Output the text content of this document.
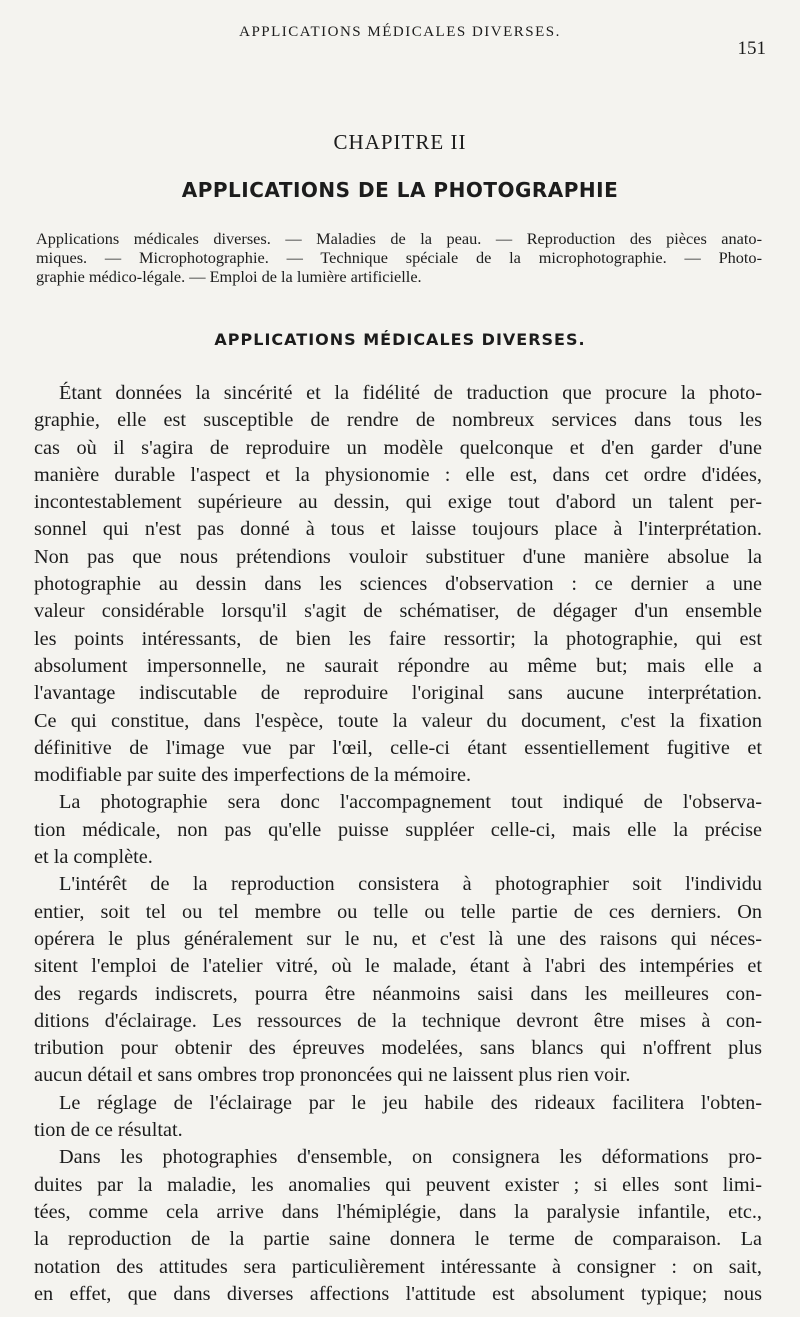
APPLICATIONS MÉDICALES DIVERSES.
151
CHAPITRE II
APPLICATIONS DE LA PHOTOGRAPHIE
Applications médicales diverses. — Maladies de la peau. — Reproduction des pièces anato-
miques. — Microphotographie. — Technique spéciale de la microphotographie. — Photo-
graphie médico-légale. — Emploi de la lumière artificielle.
APPLICATIONS MÉDICALES DIVERSES.
Étant données la sincérité et la fidélité de traduction que procure la photo-
graphie, elle est susceptible de rendre de nombreux services dans tous les
cas où il s'agira de reproduire un modèle quelconque et d'en garder d'une
manière durable l'aspect et la physionomie : elle est, dans cet ordre d'idées,
incontestablement supérieure au dessin, qui exige tout d'abord un talent per-
sonnel qui n'est pas donné à tous et laisse toujours place à l'interprétation.
Non pas que nous prétendions vouloir substituer d'une manière absolue la
photographie au dessin dans les sciences d'observation : ce dernier a une
valeur considérable lorsqu'il s'agit de schématiser, de dégager d'un ensemble
les points intéressants, de bien les faire ressortir; la photographie, qui est
absolument impersonnelle, ne saurait répondre au même but; mais elle a
l'avantage indiscutable de reproduire l'original sans aucune interprétation.
Ce qui constitue, dans l'espèce, toute la valeur du document, c'est la fixation
définitive de l'image vue par l'œil, celle-ci étant essentiellement fugitive et
modifiable par suite des imperfections de la mémoire.
La photographie sera donc l'accompagnement tout indiqué de l'observa-
tion médicale, non pas qu'elle puisse suppléer celle-ci, mais elle la précise
et la complète.
L'intérêt de la reproduction consistera à photographier soit l'individu
entier, soit tel ou tel membre ou telle ou telle partie de ces derniers. On
opérera le plus généralement sur le nu, et c'est là une des raisons qui néces-
sitent l'emploi de l'atelier vitré, où le malade, étant à l'abri des intempéries et
des regards indiscrets, pourra être néanmoins saisi dans les meilleures con-
ditions d'éclairage. Les ressources de la technique devront être mises à con-
tribution pour obtenir des épreuves modelées, sans blancs qui n'offrent plus
aucun détail et sans ombres trop prononcées qui ne laissent plus rien voir.
Le réglage de l'éclairage par le jeu habile des rideaux facilitera l'obten-
tion de ce résultat.
Dans les photographies d'ensemble, on consignera les déformations pro-
duites par la maladie, les anomalies qui peuvent exister ; si elles sont limi-
tées, comme cela arrive dans l'hémiplégie, dans la paralysie infantile, etc.,
la reproduction de la partie saine donnera le terme de comparaison. La
notation des attitudes sera particulièrement intéressante à consigner : on sait,
en effet, que dans diverses affections l'attitude est absolument typique; nous
